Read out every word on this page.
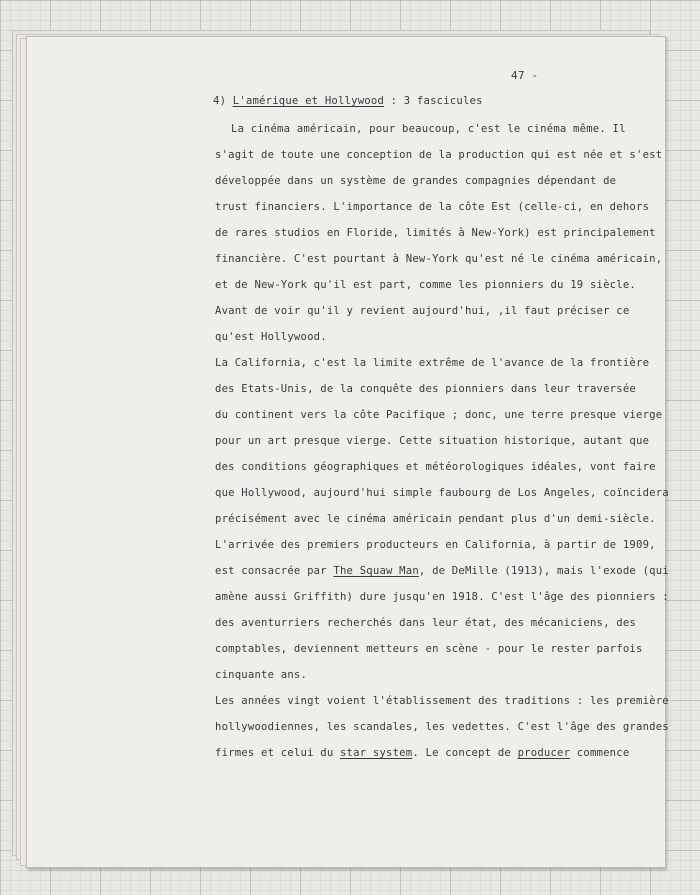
47 -

4) L'amérique et Hollywood : 3 fascicules

La cinéma américain, pour beaucoup, c'est le cinéma même. Il

s'agit de toute une conception de la production qui est née et s'est

développée dans un système de grandes compagnies dépendant de

trust financiers. L'importance de la côte Est (celle-ci, en dehors

de rares studios en Floride, limités à New-York) est principalement

financière. C'est pourtant à New-York qu'est né le cinéma américain,

et de New-York qu'il est part, comme les pionniers du 19 siècle.

Avant de voir qu'il y revient aujourd'hui, ,il faut préciser ce

qu'est Hollywood.

La California, c'est la limite extrême de l'avance de la frontière

des Etats-Unis, de la conquête des pionniers dans leur traversée

du continent vers la côte Pacifique ; donc, une terre presque vierge

pour un art presque vierge. Cette situation historique, autant que

des conditions géographiques et météorologiques idéales, vont faire

que Hollywood, aujourd'hui simple faubourg de Los Angeles, coïncidera

précisément avec le cinéma américain pendant plus d'un demi-siècle.

L'arrivée des premiers producteurs en California, à partir de 1909,

est consacrée par The Squaw Man, de DeMille (1913), mais l'exode (qui

amène aussi Griffith) dure jusqu'en 1918. C'est l'âge des pionniers :

des aventurriers recherchés dans leur état, des mécaniciens, des

comptables, deviennent metteurs en scène - pour le rester parfois

cinquante ans.

Les années vingt voient l'établissement des traditions : les première

hollywoodiennes, les scandales, les vedettes. C'est l'âge des grandes

firmes et celui du star system. Le concept de producer commence
